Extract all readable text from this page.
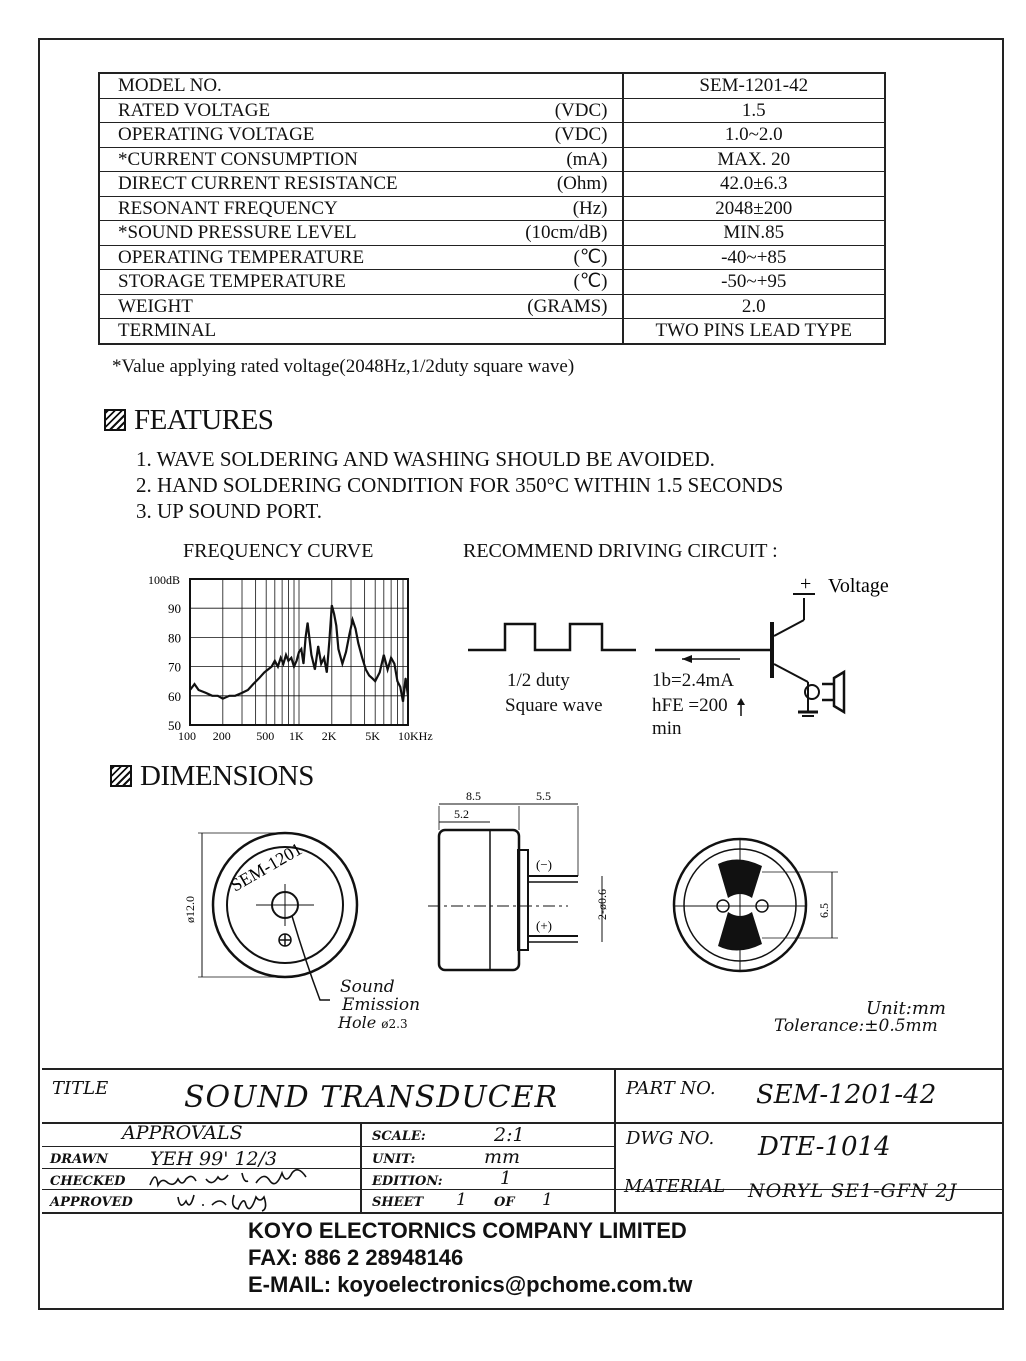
MODEL NO.		SEM-1201-42
RATED VOLTAGE	(VDC)	1.5
OPERATING VOLTAGE	(VDC)	1.0~2.0
*CURRENT CONSUMPTION	(mA)	MAX. 20
DIRECT CURRENT RESISTANCE	(Ohm)	42.0±6.3
RESONANT FREQUENCY	(Hz)	2048±200
*SOUND PRESSURE LEVEL	(10cm/dB)	MIN.85
OPERATING TEMPERATURE	(℃)	-40~+85
STORAGE TEMPERATURE	(℃)	-50~+95
WEIGHT	(GRAMS)	2.0
TERMINAL		TWO PINS LEAD TYPE
*Value applying rated voltage(2048Hz,1/2duty square wave)
FEATURES
1. WAVE SOLDERING AND WASHING SHOULD BE AVOIDED.
2. HAND SOLDERING CONDITION FOR 350°C WITHIN 1.5 SECONDS
3. UP SOUND PORT.
FREQUENCY CURVE
100dB
90
80
70
60
50
100 200 500 1K 2K 5K 10KHz
RECOMMEND DRIVING CIRCUIT :
+ Voltage
1/2 duty
Square wave
1b=2.4mA
hFE =200
min
DIMENSIONS
ø12.0
SEM-1201
Sound
Emission
Hole ø2.3
8.5	5.5
5.2
(−)
(+)
2-ø0.6	6.5
Unit:mm
Tolerance:±0.5mm
TITLE	SOUND TRANSDUCER	PART NO. SEM-1201-42
APPROVALS	SCALE:	2:1	DWG NO. DTE-1014
DRAWN YEH 99' 12/3	UNIT:	mm
CHECKED	EDITION:	1	MATERIAL NORYL SE1-GFN 2J
APPROVED	SHEET 1 OF 1
KOYO ELECTORNICS COMPANY LIMITED
FAX: 886 2 28948146
E-MAIL: koyoelectronics@pchome.com.tw
